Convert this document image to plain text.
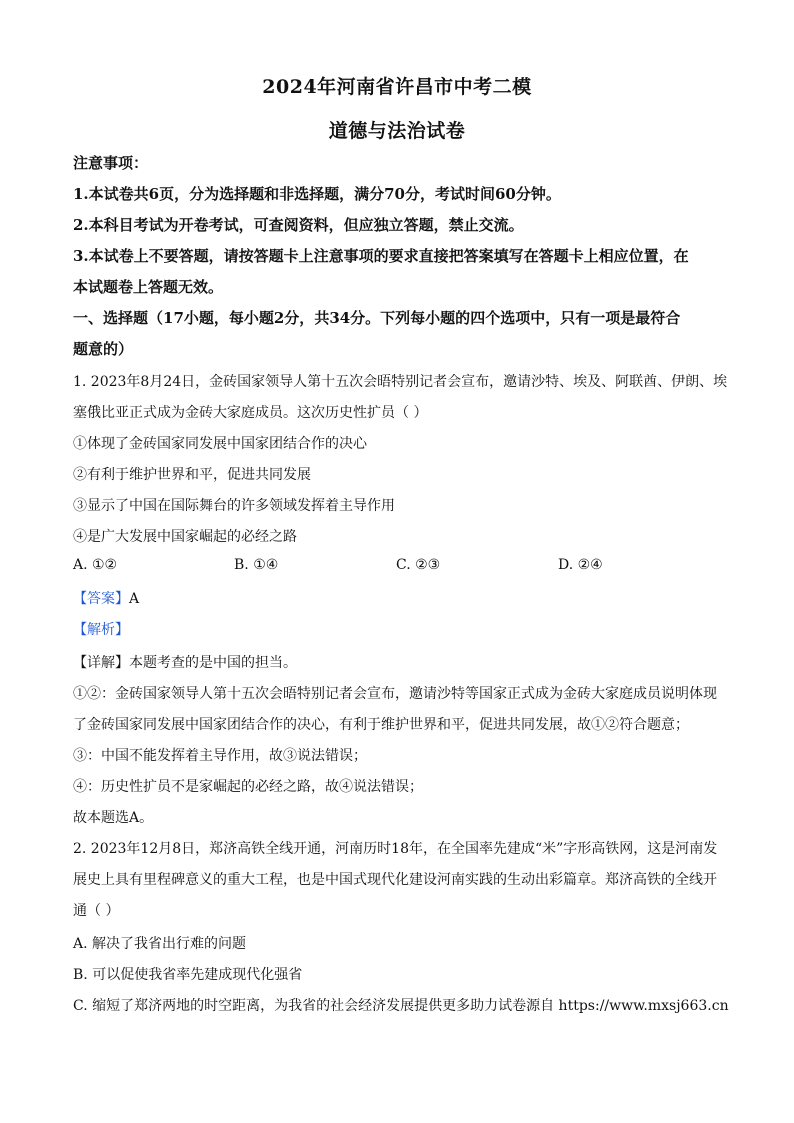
2024年河南省许昌市中考二模
道德与法治试卷
注意事项：
1.本试卷共6页，分为选择题和非选择题，满分70分，考试时间60分钟。
2.本科目考试为开卷考试，可查阅资料，但应独立答题，禁止交流。
3.本试卷上不要答题，请按答题卡上注意事项的要求直接把答案填写在答题卡上相应位置，在
本试题卷上答题无效。
一、选择题（17小题，每小题2分，共34分。下列每小题的四个选项中，只有一项是最符合
题意的）
1. 2023年8月24日，金砖国家领导人第十五次会晤特别记者会宣布，邀请沙特、埃及、阿联酋、伊朗、埃
塞俄比亚正式成为金砖大家庭成员。这次历史性扩员（ ）
①体现了金砖国家同发展中国家团结合作的决心
②有利于维护世界和平，促进共同发展
③显示了中国在国际舞台的许多领域发挥着主导作用
④是广大发展中国家崛起的必经之路
A. ①②	B. ①④	C. ②③	D. ②④
【答案】A
【解析】
【详解】本题考查的是中国的担当。
①②：金砖国家领导人第十五次会晤特别记者会宣布，邀请沙特等国家正式成为金砖大家庭成员说明体现
了金砖国家同发展中国家团结合作的决心，有利于维护世界和平，促进共同发展，故①②符合题意；
③：中国不能发挥着主导作用，故③说法错误；
④：历史性扩员不是家崛起的必经之路，故④说法错误；
故本题选A。
2. 2023年12月8日，郑济高铁全线开通，河南历时18年，在全国率先建成“米”字形高铁网，这是河南发
展史上具有里程碑意义的重大工程，也是中国式现代化建设河南实践的生动出彩篇章。郑济高铁的全线开
通（ ）
A. 解决了我省出行难的问题
B. 可以促使我省率先建成现代化强省
C. 缩短了郑济两地的时空距离，为我省的社会经济发展提供更多助力试卷源自 https://www.mxsj663.cn
